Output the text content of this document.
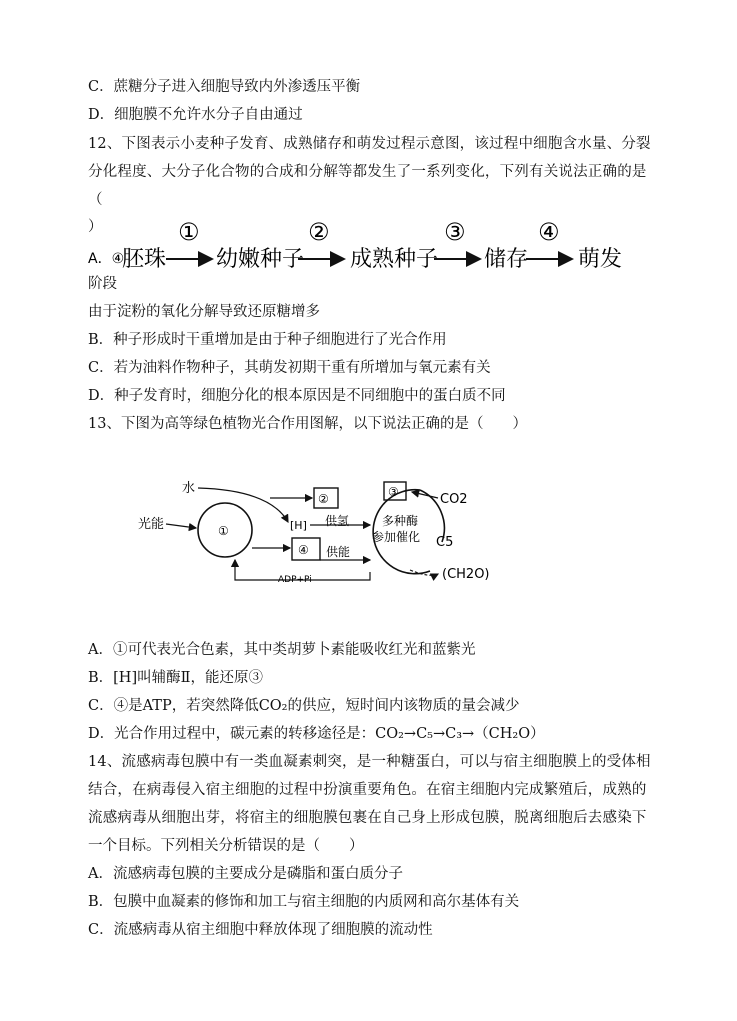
C．蔗糖分子进入细胞导致内外渗透压平衡
D．细胞膜不允许水分子自由通过
12、下图表示小麦种子发育、成熟储存和萌发过程示意图，该过程中细胞含水量、分裂
分化程度、大分子化合物的合成和分解等都发生了一系列变化，下列有关说法正确的是
（
）
A．④
胚珠
①
幼嫩种子
②
成熟种子
③
储存
④
萌发
阶段
由于淀粉的氧化分解导致还原糖增多
B．种子形成时干重增加是由于种子细胞进行了光合作用
C．若为油料作物种子，其萌发初期干重有所增加与氧元素有关
D．种子发育时，细胞分化的根本原因是不同细胞中的蛋白质不同
13、下图为高等绿色植物光合作用图解，以下说法正确的是（　　）
①
水
光能
②
[H] 供氢
④ 供能
ADP+Pi
③
多种酶
参加催化
CO2
C5
(CH2O)
A．①可代表光合色素，其中类胡萝卜素能吸收红光和蓝紫光
B．[H]叫辅酶Ⅱ，能还原③
C．④是ATP，若突然降低CO₂的供应，短时间内该物质的量会减少
D．光合作用过程中，碳元素的转移途径是：CO₂→C₅→C₃→（CH₂O）
14、流感病毒包膜中有一类血凝素刺突，是一种糖蛋白，可以与宿主细胞膜上的受体相
结合，在病毒侵入宿主细胞的过程中扮演重要角色。在宿主细胞内完成繁殖后，成熟的
流感病毒从细胞出芽，将宿主的细胞膜包裹在自己身上形成包膜，脱离细胞后去感染下
一个目标。下列相关分析错误的是（　　）
A．流感病毒包膜的主要成分是磷脂和蛋白质分子
B．包膜中血凝素的修饰和加工与宿主细胞的内质网和高尔基体有关
C．流感病毒从宿主细胞中释放体现了细胞膜的流动性
